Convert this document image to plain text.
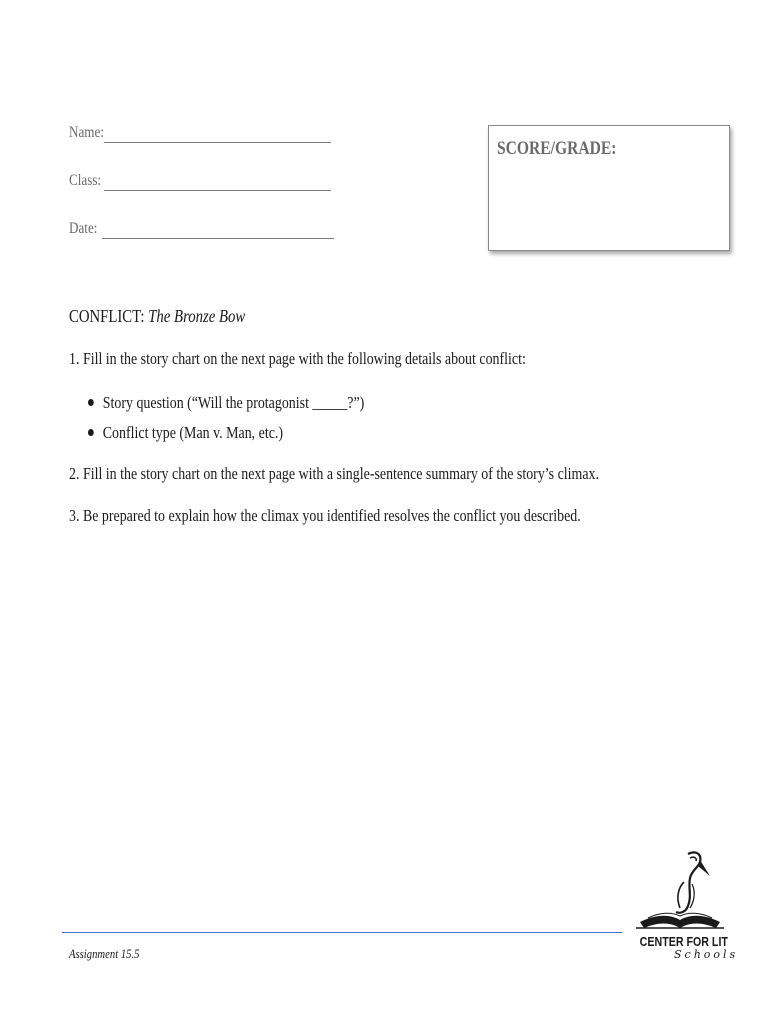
Name:
Class:
Date:
SCORE/GRADE:
CONFLICT: The Bronze Bow
1. Fill in the story chart on the next page with the following details about conflict:
Story question (“Will the protagonist _____?”)
Conflict type (Man v. Man, etc.)
2. Fill in the story chart on the next page with a single-sentence summary of the story’s climax.
3. Be prepared to explain how the climax you identified resolves the conflict you described.
Assignment 15.5
CENTER FOR LIT
Schools
